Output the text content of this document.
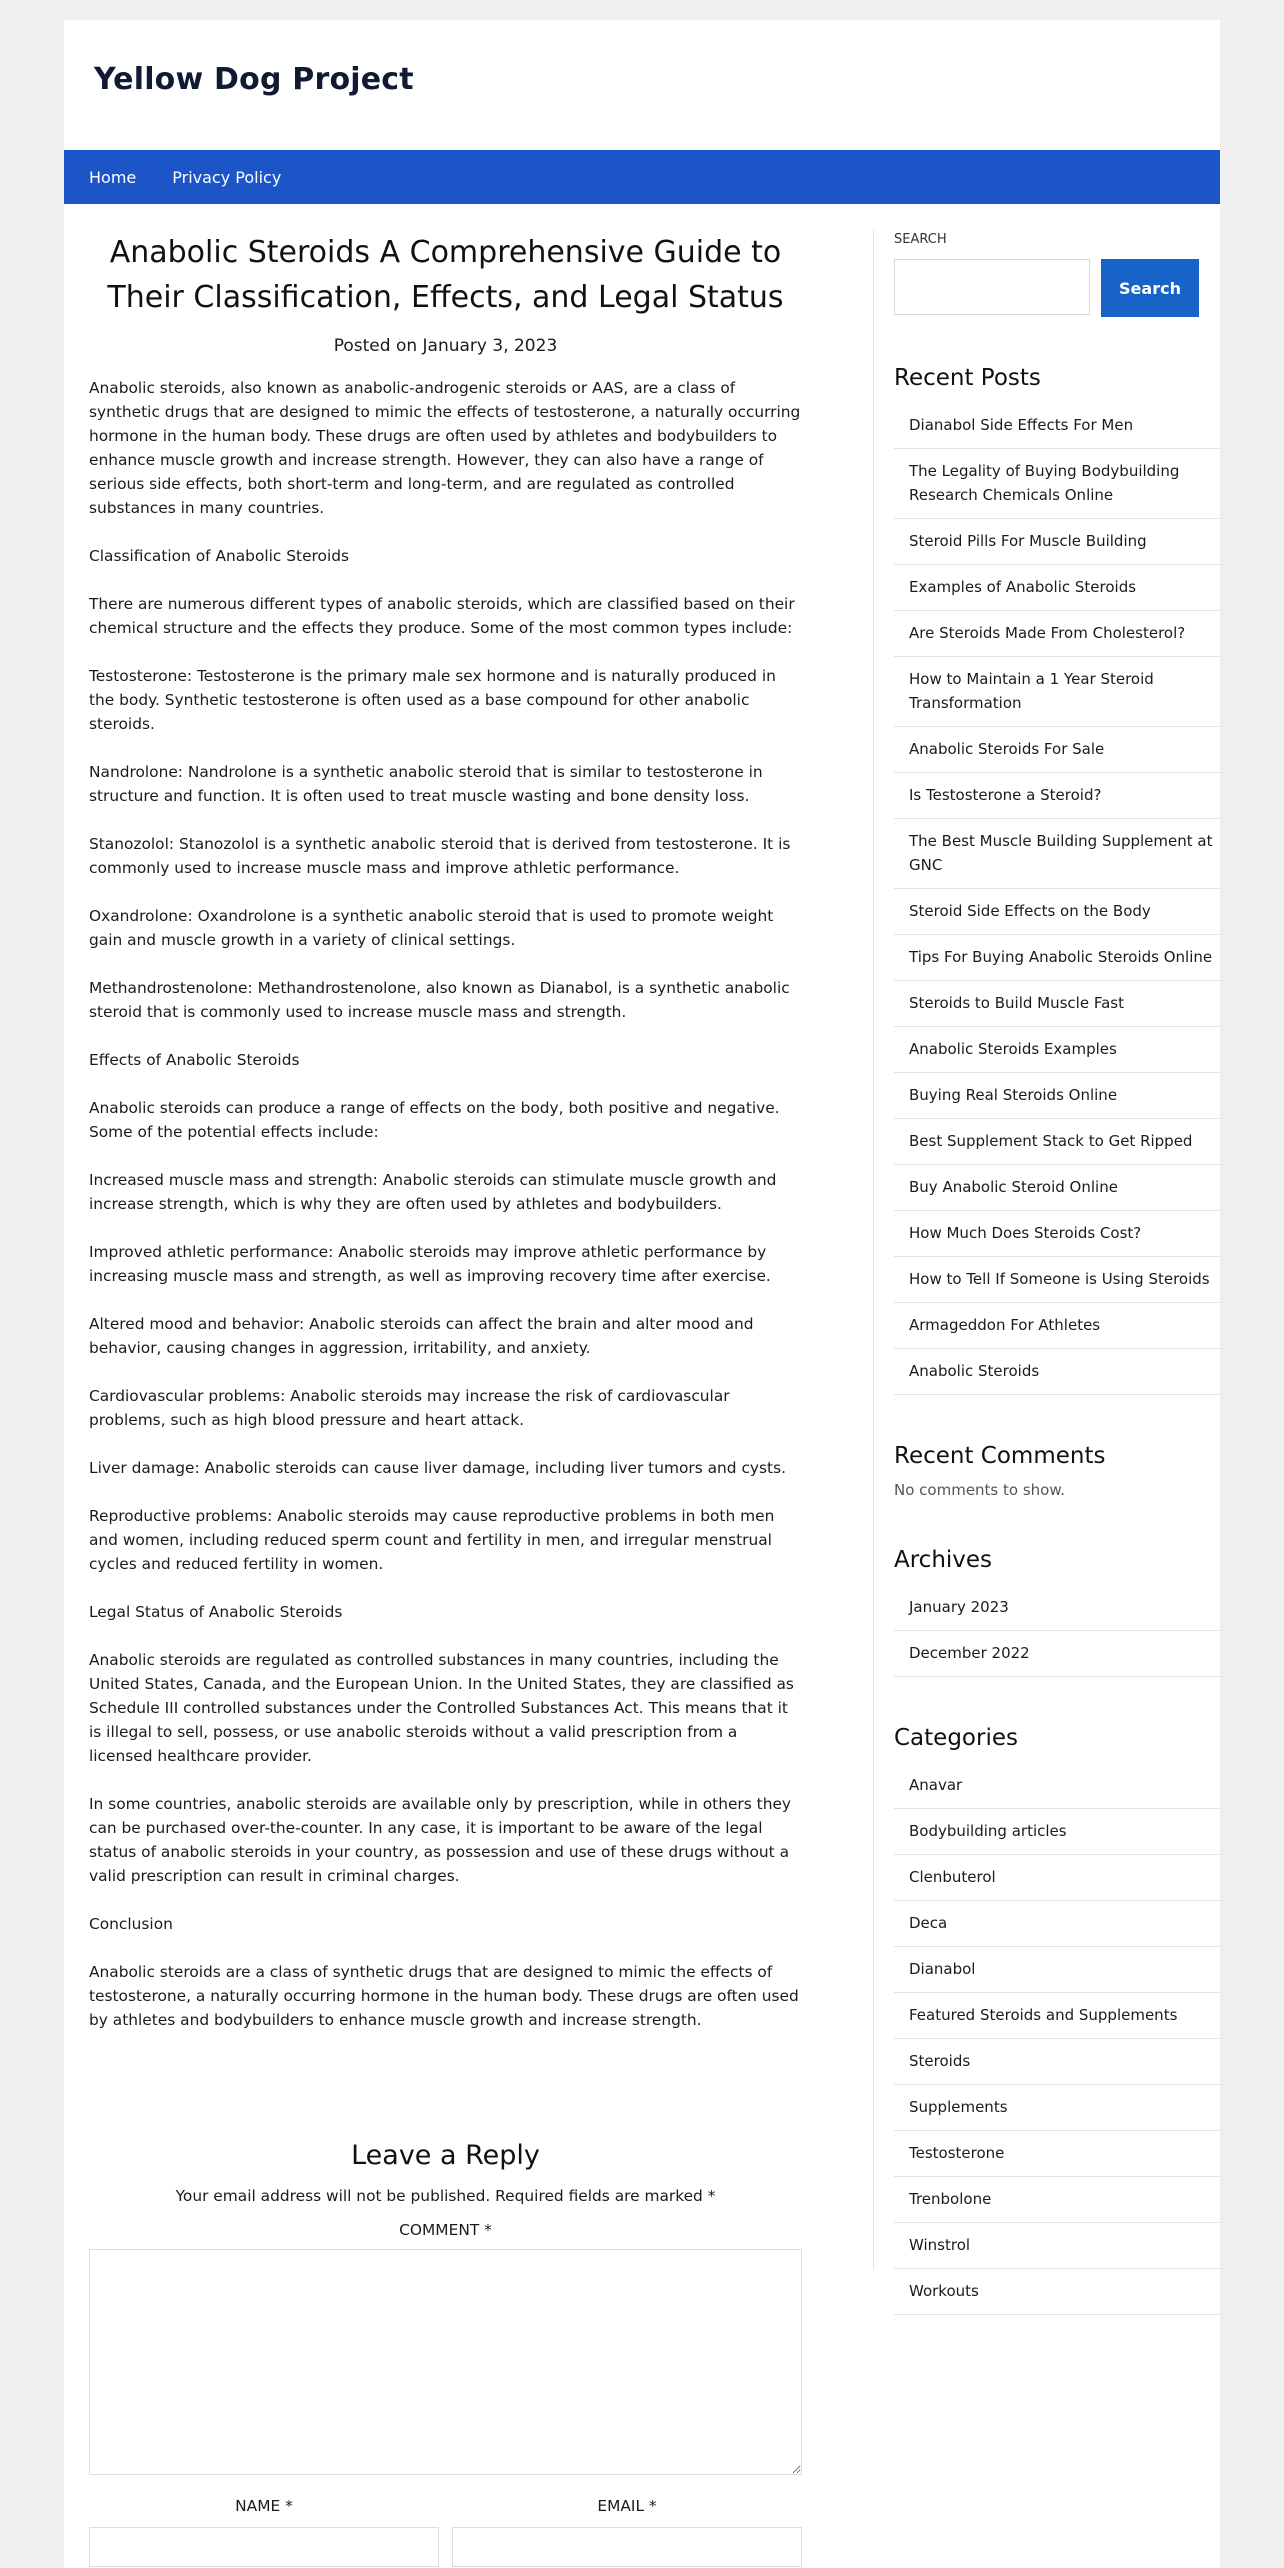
Yellow Dog Project
Home Privacy Policy
Anabolic Steroids A Comprehensive Guide to Their Classification, Effects, and Legal Status
Posted on January 3, 2023

Anabolic steroids, also known as anabolic-androgenic steroids or AAS, are a class of synthetic drugs that are designed to mimic the effects of testosterone, a naturally occurring hormone in the human body. These drugs are often used by athletes and bodybuilders to enhance muscle growth and increase strength. However, they can also have a range of serious side effects, both short-term and long-term, and are regulated as controlled substances in many countries.

Classification of Anabolic Steroids

There are numerous different types of anabolic steroids, which are classified based on their chemical structure and the effects they produce. Some of the most common types include:

Testosterone: Testosterone is the primary male sex hormone and is naturally produced in the body. Synthetic testosterone is often used as a base compound for other anabolic steroids.

Nandrolone: Nandrolone is a synthetic anabolic steroid that is similar to testosterone in structure and function. It is often used to treat muscle wasting and bone density loss.

Stanozolol: Stanozolol is a synthetic anabolic steroid that is derived from testosterone. It is commonly used to increase muscle mass and improve athletic performance.

Oxandrolone: Oxandrolone is a synthetic anabolic steroid that is used to promote weight gain and muscle growth in a variety of clinical settings.

Methandrostenolone: Methandrostenolone, also known as Dianabol, is a synthetic anabolic steroid that is commonly used to increase muscle mass and strength.

Effects of Anabolic Steroids

Anabolic steroids can produce a range of effects on the body, both positive and negative. Some of the potential effects include:

Increased muscle mass and strength: Anabolic steroids can stimulate muscle growth and increase strength, which is why they are often used by athletes and bodybuilders.

Improved athletic performance: Anabolic steroids may improve athletic performance by increasing muscle mass and strength, as well as improving recovery time after exercise.

Altered mood and behavior: Anabolic steroids can affect the brain and alter mood and behavior, causing changes in aggression, irritability, and anxiety.

Cardiovascular problems: Anabolic steroids may increase the risk of cardiovascular problems, such as high blood pressure and heart attack.

Liver damage: Anabolic steroids can cause liver damage, including liver tumors and cysts.

Reproductive problems: Anabolic steroids may cause reproductive problems in both men and women, including reduced sperm count and fertility in men, and irregular menstrual cycles and reduced fertility in women.

Legal Status of Anabolic Steroids

Anabolic steroids are regulated as controlled substances in many countries, including the United States, Canada, and the European Union. In the United States, they are classified as Schedule III controlled substances under the Controlled Substances Act. This means that it is illegal to sell, possess, or use anabolic steroids without a valid prescription from a licensed healthcare provider.

In some countries, anabolic steroids are available only by prescription, while in others they can be purchased over-the-counter. In any case, it is important to be aware of the legal status of anabolic steroids in your country, as possession and use of these drugs without a valid prescription can result in criminal charges.

Conclusion

Anabolic steroids are a class of synthetic drugs that are designed to mimic the effects of testosterone, a naturally occurring hormone in the human body. These drugs are often used by athletes and bodybuilders to enhance muscle growth and increase strength.

SEARCH
Search
Recent Posts
Dianabol Side Effects For Men
The Legality of Buying Bodybuilding Research Chemicals Online
Steroid Pills For Muscle Building
Examples of Anabolic Steroids
Are Steroids Made From Cholesterol?
How to Maintain a 1 Year Steroid Transformation
Anabolic Steroids For Sale
Is Testosterone a Steroid?
The Best Muscle Building Supplement at GNC
Steroid Side Effects on the Body
Tips For Buying Anabolic Steroids Online
Steroids to Build Muscle Fast
Anabolic Steroids Examples
Buying Real Steroids Online
Best Supplement Stack to Get Ripped
Buy Anabolic Steroid Online
How Much Does Steroids Cost?
How to Tell If Someone is Using Steroids
Armageddon For Athletes
Anabolic Steroids
Recent Comments
No comments to show.
Archives
January 2023
December 2022
Categories
Anavar
Bodybuilding articles
Clenbuterol
Deca
Dianabol
Featured Steroids and Supplements
Steroids
Supplements
Testosterone
Trenbolone
Winstrol
Workouts
Leave a Reply
Your email address will not be published. Required fields are marked *
COMMENT *
NAME *	EMAIL *
